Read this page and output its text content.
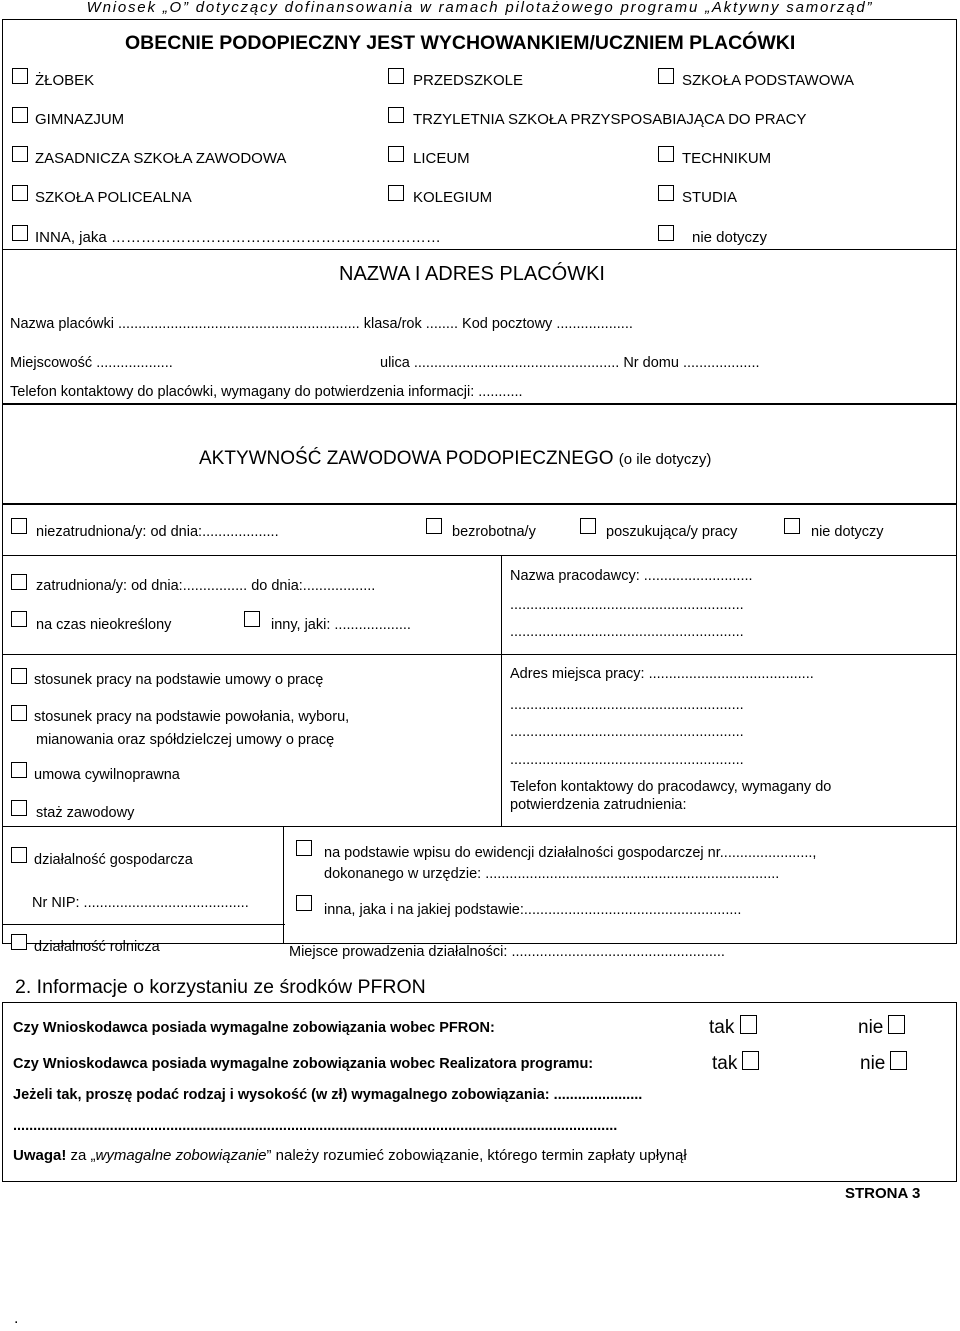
Wniosek „O” dotyczący dofinansowania w ramach pilotażowego programu „Aktywny samorząd”
OBECNIE PODOPIECZNY JEST WYCHOWANKIEM/UCZNIEM PLACÓWKI
ŻŁOBEK	PRZEDSZKOLE	SZKOŁA PODSTAWOWA
GIMNAZJUM	TRZYLETNIA SZKOŁA PRZYSPOSABIAJĄCA DO PRACY
ZASADNICZA SZKOŁA ZAWODOWA	LICEUM	TECHNIKUM
SZKOŁA POLICEALNA	KOLEGIUM	STUDIA
INNA, jaka …………………………………………………………	nie dotyczy
NAZWA I ADRES PLACÓWKI
Nazwa placówki ............................................................ klasa/rok ........ Kod pocztowy ...................
Miejscowość ...................	ulica ................................................... Nr domu ...................
Telefon kontaktowy do placówki, wymagany do potwierdzenia informacji: ...........
AKTYWNOŚĆ ZAWODOWA PODOPIECZNEGO (o ile dotyczy)
niezatrudniona/y: od dnia:...................	bezrobotna/y	poszukująca/y pracy	nie dotyczy
zatrudniona/y: od dnia:................ do dnia:..................
na czas nieokreślony	inny, jaki: ...................
Nazwa pracodawcy: ...........................
..........................................................
..........................................................
stosunek pracy na podstawie umowy o pracę
stosunek pracy na podstawie powołania, wyboru,
mianowania oraz spółdzielczej umowy o pracę
umowa cywilnoprawna
staż zawodowy
Adres miejsca pracy: .........................................
..........................................................
..........................................................
..........................................................
Telefon kontaktowy do pracodawcy, wymagany do
potwierdzenia zatrudnienia:
działalność gospodarcza
Nr NIP: .........................................
na podstawie wpisu do ewidencji działalności gospodarczej nr.......................,
dokonanego w urzędzie: .........................................................................
inna, jaka i na jakiej podstawie:......................................................
działalność rolnicza	Miejsce prowadzenia działalności: .....................................................
2. Informacje o korzystaniu ze środków PFRON
Czy Wnioskodawca posiada wymagalne zobowiązania wobec PFRON:	tak	nie
Czy Wnioskodawca posiada wymagalne zobowiązania wobec Realizatora programu:	tak	nie
Jeżeli tak, proszę podać rodzaj i wysokość (w zł) wymagalnego zobowiązania: ......................
......................................................................................................................................................
Uwaga! za „wymagalne zobowiązanie” należy rozumieć zobowiązanie, którego termin zapłaty upłynął
STRONA 3
.
